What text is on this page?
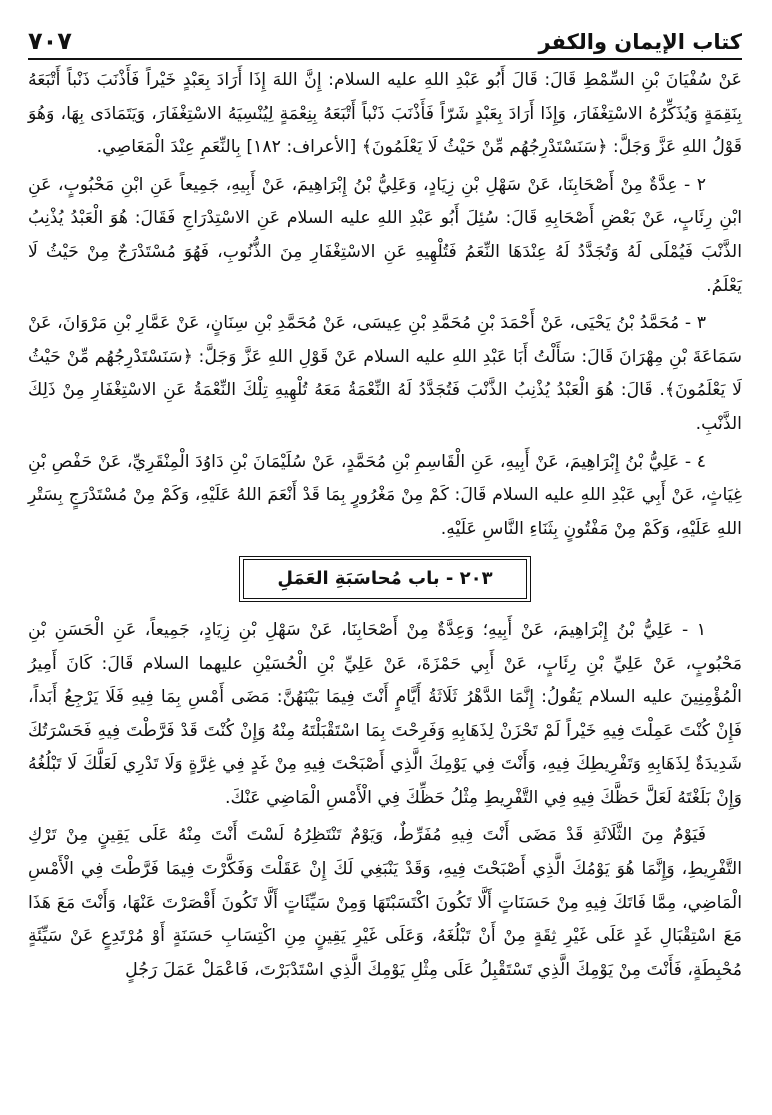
كتاب الإيمان والكفر
٧٠٧

عَنْ سُفْيَانَ بْنِ السِّمْطِ قَالَ: قَالَ أَبُو عَبْدِ اللهِ عليه السلام: إِنَّ اللهَ إِذَا أَرَادَ بِعَبْدٍ خَيْراً فَأَذْنَبَ ذَنْباً أَتْبَعَهُ بِنَقِمَةٍ وَيُذَكِّرُهُ الاسْتِغْفَارَ، وَإِذَا أَرَادَ بِعَبْدٍ شَرّاً فَأَذْنَبَ ذَنْباً أَتْبَعَهُ بِنِعْمَةٍ لِيُنْسِيَهُ الاسْتِغْفَارَ، وَيَتَمَادَى بِهَا، وَهُوَ قَوْلُ اللهِ عَزَّ وَجَلَّ: ﴿سَنَسْتَدْرِجُهُم مِّنْ حَيْثُ لَا يَعْلَمُونَ﴾ [الأعراف: ١٨٢] بِالنِّعَمِ عِنْدَ الْمَعَاصِي.

٢ - عِدَّةٌ مِنْ أَصْحَابِنَا، عَنْ سَهْلِ بْنِ زِيَادٍ، وَعَلِيُّ بْنُ إِبْرَاهِيمَ، عَنْ أَبِيهِ، جَمِيعاً عَنِ ابْنِ مَحْبُوبٍ، عَنِ ابْنِ رِئَابٍ، عَنْ بَعْضِ أَصْحَابِهِ قَالَ: سُئِلَ أَبُو عَبْدِ اللهِ عليه السلام عَنِ الاسْتِدْرَاجِ فَقَالَ: هُوَ الْعَبْدُ يُذْنِبُ الذَّنْبَ فَيُمْلَى لَهُ وَتُجَدَّدُ لَهُ عِنْدَهَا النِّعَمُ فَتُلْهِيهِ عَنِ الاسْتِغْفَارِ مِنَ الذُّنُوبِ، فَهُوَ مُسْتَدْرَجٌ مِنْ حَيْثُ لَا يَعْلَمُ.

٣ - مُحَمَّدُ بْنُ يَحْيَى، عَنْ أَحْمَدَ بْنِ مُحَمَّدِ بْنِ عِيسَى، عَنْ مُحَمَّدِ بْنِ سِنَانٍ، عَنْ عَمَّارِ بْنِ مَرْوَانَ، عَنْ سَمَاعَةَ بْنِ مِهْرَانَ قَالَ: سَأَلْتُ أَبَا عَبْدِ اللهِ عليه السلام عَنْ قَوْلِ اللهِ عَزَّ وَجَلَّ: ﴿سَنَسْتَدْرِجُهُم مِّنْ حَيْثُ لَا يَعْلَمُونَ﴾. قَالَ: هُوَ الْعَبْدُ يُذْنِبُ الذَّنْبَ فَتُجَدَّدُ لَهُ النِّعْمَةُ مَعَهُ تُلْهِيهِ تِلْكَ النِّعْمَةُ عَنِ الاسْتِغْفَارِ مِنْ ذَلِكَ الذَّنْبِ.

٤ - عَلِيُّ بْنُ إِبْرَاهِيمَ، عَنْ أَبِيهِ، عَنِ الْقَاسِمِ بْنِ مُحَمَّدٍ، عَنْ سُلَيْمَانَ بْنِ دَاوُدَ الْمِنْقَرِيِّ، عَنْ حَفْصِ بْنِ غِيَاثٍ، عَنْ أَبِي عَبْدِ اللهِ عليه السلام قَالَ: كَمْ مِنْ مَغْرُورٍ بِمَا قَدْ أَنْعَمَ اللهُ عَلَيْهِ، وَكَمْ مِنْ مُسْتَدْرَجٍ بِسَتْرِ اللهِ عَلَيْهِ، وَكَمْ مِنْ مَفْتُونٍ بِثَنَاءِ النَّاسِ عَلَيْهِ.

٢٠٣ - باب مُحاسَبَةِ العَمَلِ

١ - عَلِيُّ بْنُ إِبْرَاهِيمَ، عَنْ أَبِيهِ؛ وَعِدَّةٌ مِنْ أَصْحَابِنَا، عَنْ سَهْلِ بْنِ زِيَادٍ، جَمِيعاً، عَنِ الْحَسَنِ بْنِ مَحْبُوبٍ، عَنْ عَلِيِّ بْنِ رِئَابٍ، عَنْ أَبِي حَمْزَةَ، عَنْ عَلِيِّ بْنِ الْحُسَيْنِ عليهما السلام قَالَ: كَانَ أَمِيرُ الْمُؤْمِنِينَ عليه السلام يَقُولُ: إِنَّمَا الدَّهْرُ ثَلَاثَةُ أَيَّامٍ أَنْتَ فِيمَا بَيْنَهُنَّ: مَضَى أَمْسِ بِمَا فِيهِ فَلَا يَرْجِعُ أَبَداً، فَإِنْ كُنْتَ عَمِلْتَ فِيهِ خَيْراً لَمْ تَحْزَنْ لِذَهَابِهِ وَفَرِحْتَ بِمَا اسْتَقْبَلْتَهُ مِنْهُ وَإِنْ كُنْتَ قَدْ فَرَّطْتَ فِيهِ فَحَسْرَتُكَ شَدِيدَةٌ لِذَهَابِهِ وَتَفْرِيطِكَ فِيهِ، وَأَنْتَ فِي يَوْمِكَ الَّذِي أَصْبَحْتَ فِيهِ مِنْ غَدٍ فِي غِرَّةٍ وَلَا تَدْرِي لَعَلَّكَ لَا تَبْلُغُهُ وَإِنْ بَلَغْتَهُ لَعَلَّ حَظَّكَ فِيهِ فِي التَّفْرِيطِ مِثْلُ حَظِّكَ فِي الْأَمْسِ الْمَاضِي عَنْكَ.

فَيَوْمٌ مِنَ الثَّلَاثَةِ قَدْ مَضَى أَنْتَ فِيهِ مُفَرِّطٌ، وَيَوْمٌ تَنْتَظِرُهُ لَسْتَ أَنْتَ مِنْهُ عَلَى يَقِينٍ مِنْ تَرْكِ التَّفْرِيطِ، وَإِنَّمَا هُوَ يَوْمُكَ الَّذِي أَصْبَحْتَ فِيهِ، وَقَدْ يَنْبَغِي لَكَ إِنْ عَقَلْتَ وَفَكَّرْتَ فِيمَا فَرَّطْتَ فِي الْأَمْسِ الْمَاضِي، مِمَّا فَاتَكَ فِيهِ مِنْ حَسَنَاتٍ أَلَّا تَكُونَ اكْتَسَبْتَهَا وَمِنْ سَيِّئَاتٍ أَلَّا تَكُونَ أَقْصَرْتَ عَنْهَا، وَأَنْتَ مَعَ هَذَا مَعَ اسْتِقْبَالِ غَدٍ عَلَى غَيْرِ ثِقَةٍ مِنْ أَنْ تَبْلُغَهُ، وَعَلَى غَيْرِ يَقِينٍ مِنِ اكْتِسَابِ حَسَنَةٍ أَوْ مُرْتَدِعٍ عَنْ سَيِّئَةٍ مُحْبِطَةٍ، فَأَنْتَ مِنْ يَوْمِكَ الَّذِي تَسْتَقْبِلُ عَلَى مِثْلِ يَوْمِكَ الَّذِي اسْتَدْبَرْتَ، فَاعْمَلْ عَمَلَ رَجُلٍ
